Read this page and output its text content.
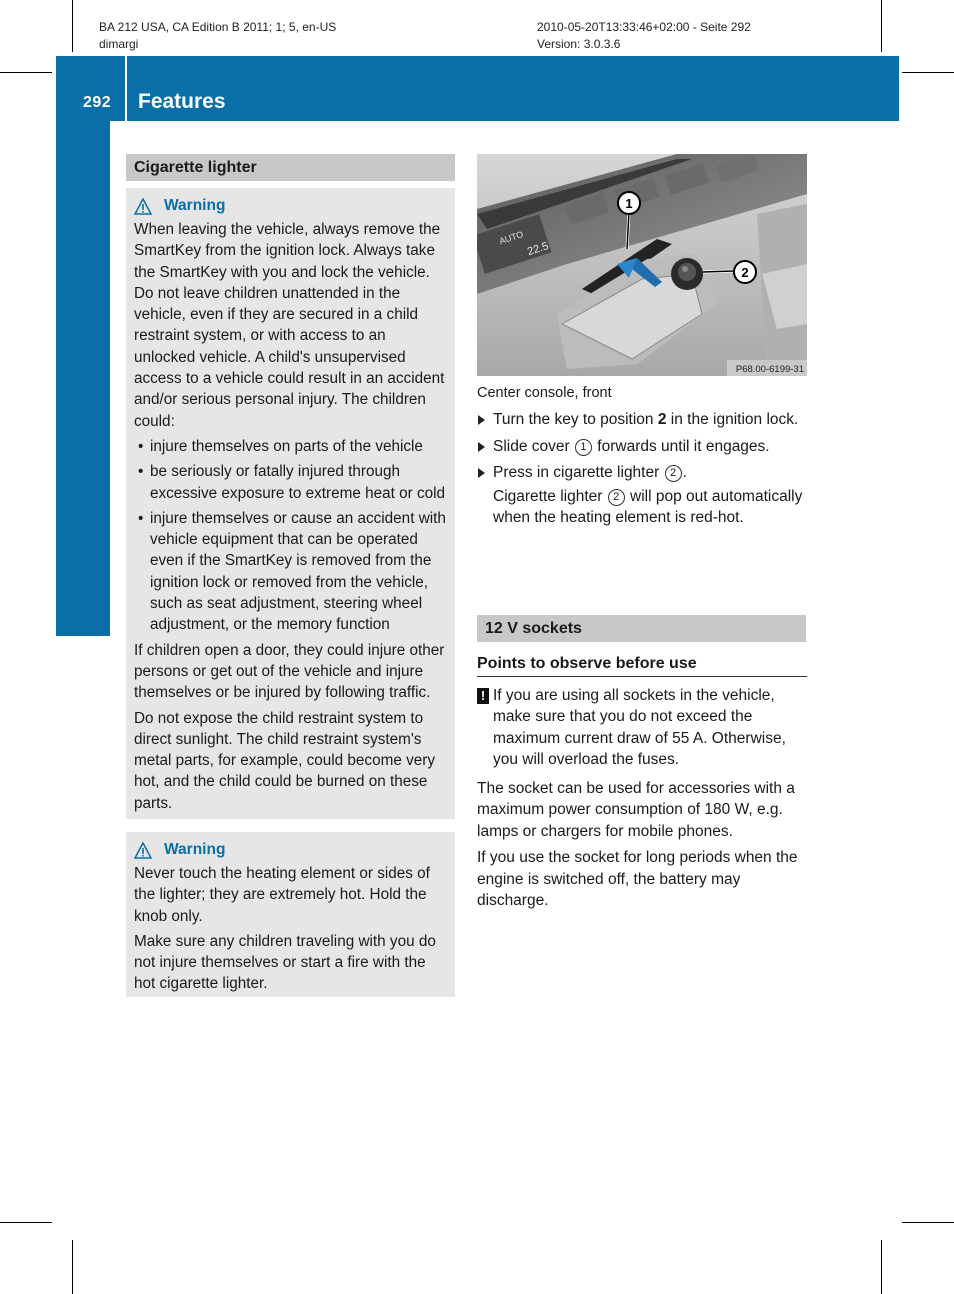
BA 212 USA, CA Edition B 2011; 1; 5, en-US
dimargi
2010-05-20T13:33:46+02:00 - Seite 292
Version: 3.0.3.6
292 Features
Loading, stowing and features
Cigarette lighter
Warning

When leaving the vehicle, always remove the SmartKey from the ignition lock. Always take the SmartKey with you and lock the vehicle. Do not leave children unattended in the vehicle, even if they are secured in a child restraint system, or with access to an unlocked vehicle. A child's unsupervised access to a vehicle could result in an accident and/or serious personal injury. The children could:

• injure themselves on parts of the vehicle
• be seriously or fatally injured through excessive exposure to extreme heat or cold
• injure themselves or cause an accident with vehicle equipment that can be operated even if the SmartKey is removed from the ignition lock or removed from the vehicle, such as seat adjustment, steering wheel adjustment, or the memory function

If children open a door, they could injure other persons or get out of the vehicle and injure themselves or be injured by following traffic.

Do not expose the child restraint system to direct sunlight. The child restraint system's metal parts, for example, could become very hot, and the child could be burned on these parts.

Warning

Never touch the heating element or sides of the lighter; they are extremely hot. Hold the knob only.

Make sure any children traveling with you do not injure themselves or start a fire with the hot cigarette lighter.

AUTO
22.5
1
2
P68.00-6199-31
Center console, front
Turn the key to position 2 in the ignition lock.
Slide cover 1 forwards until it engages.
Press in cigarette lighter 2 .
Cigarette lighter 2 will pop out automatically when the heating element is red-hot.
12 V sockets
Points to observe before use
! If you are using all sockets in the vehicle, make sure that you do not exceed the maximum current draw of 55 A. Otherwise, you will overload the fuses.

The socket can be used for accessories with a maximum power consumption of 180 W, e.g. lamps or chargers for mobile phones.

If you use the socket for long periods when the engine is switched off, the battery may discharge.
